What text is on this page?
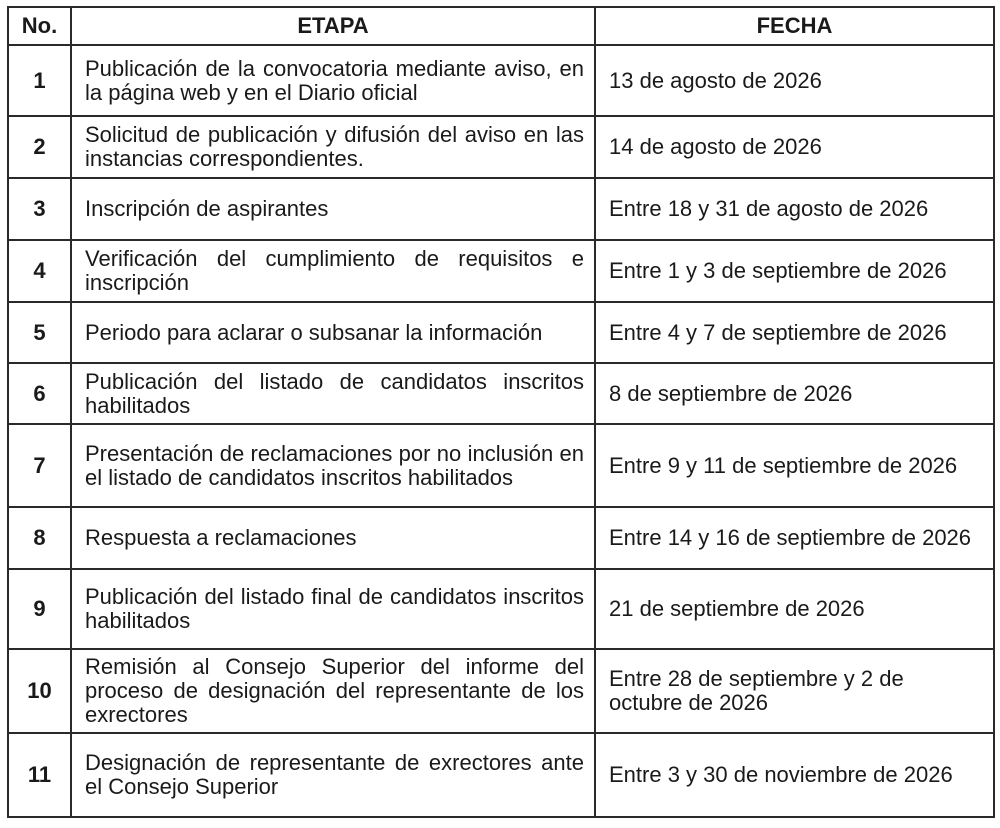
No.	ETAPA	FECHA
1	Publicación de la convocatoria mediante aviso, en la página web y en el Diario oficial	13 de agosto de 2026
2	Solicitud de publicación y difusión del aviso en las instancias correspondientes.	14 de agosto de 2026
3	Inscripción de aspirantes	Entre 18 y 31 de agosto de 2026
4	Verificación del cumplimiento de requisitos e inscripción	Entre 1 y 3 de septiembre de 2026
5	Periodo para aclarar o subsanar la información	Entre 4 y 7 de septiembre de 2026
6	Publicación del listado de candidatos inscritos habilitados	8 de septiembre de 2026
7	Presentación de reclamaciones por no inclusión en el listado de candidatos inscritos habilitados	Entre 9 y 11 de septiembre de 2026
8	Respuesta a reclamaciones	Entre 14 y 16 de septiembre de 2026
9	Publicación del listado final de candidatos inscritos habilitados	21 de septiembre de 2026
10	Remisión al Consejo Superior del informe del proceso de designación del representante de los exrectores	Entre 28 de septiembre y 2 de octubre de 2026
11	Designación de representante de exrectores ante el Consejo Superior	Entre 3 y 30 de noviembre de 2026
